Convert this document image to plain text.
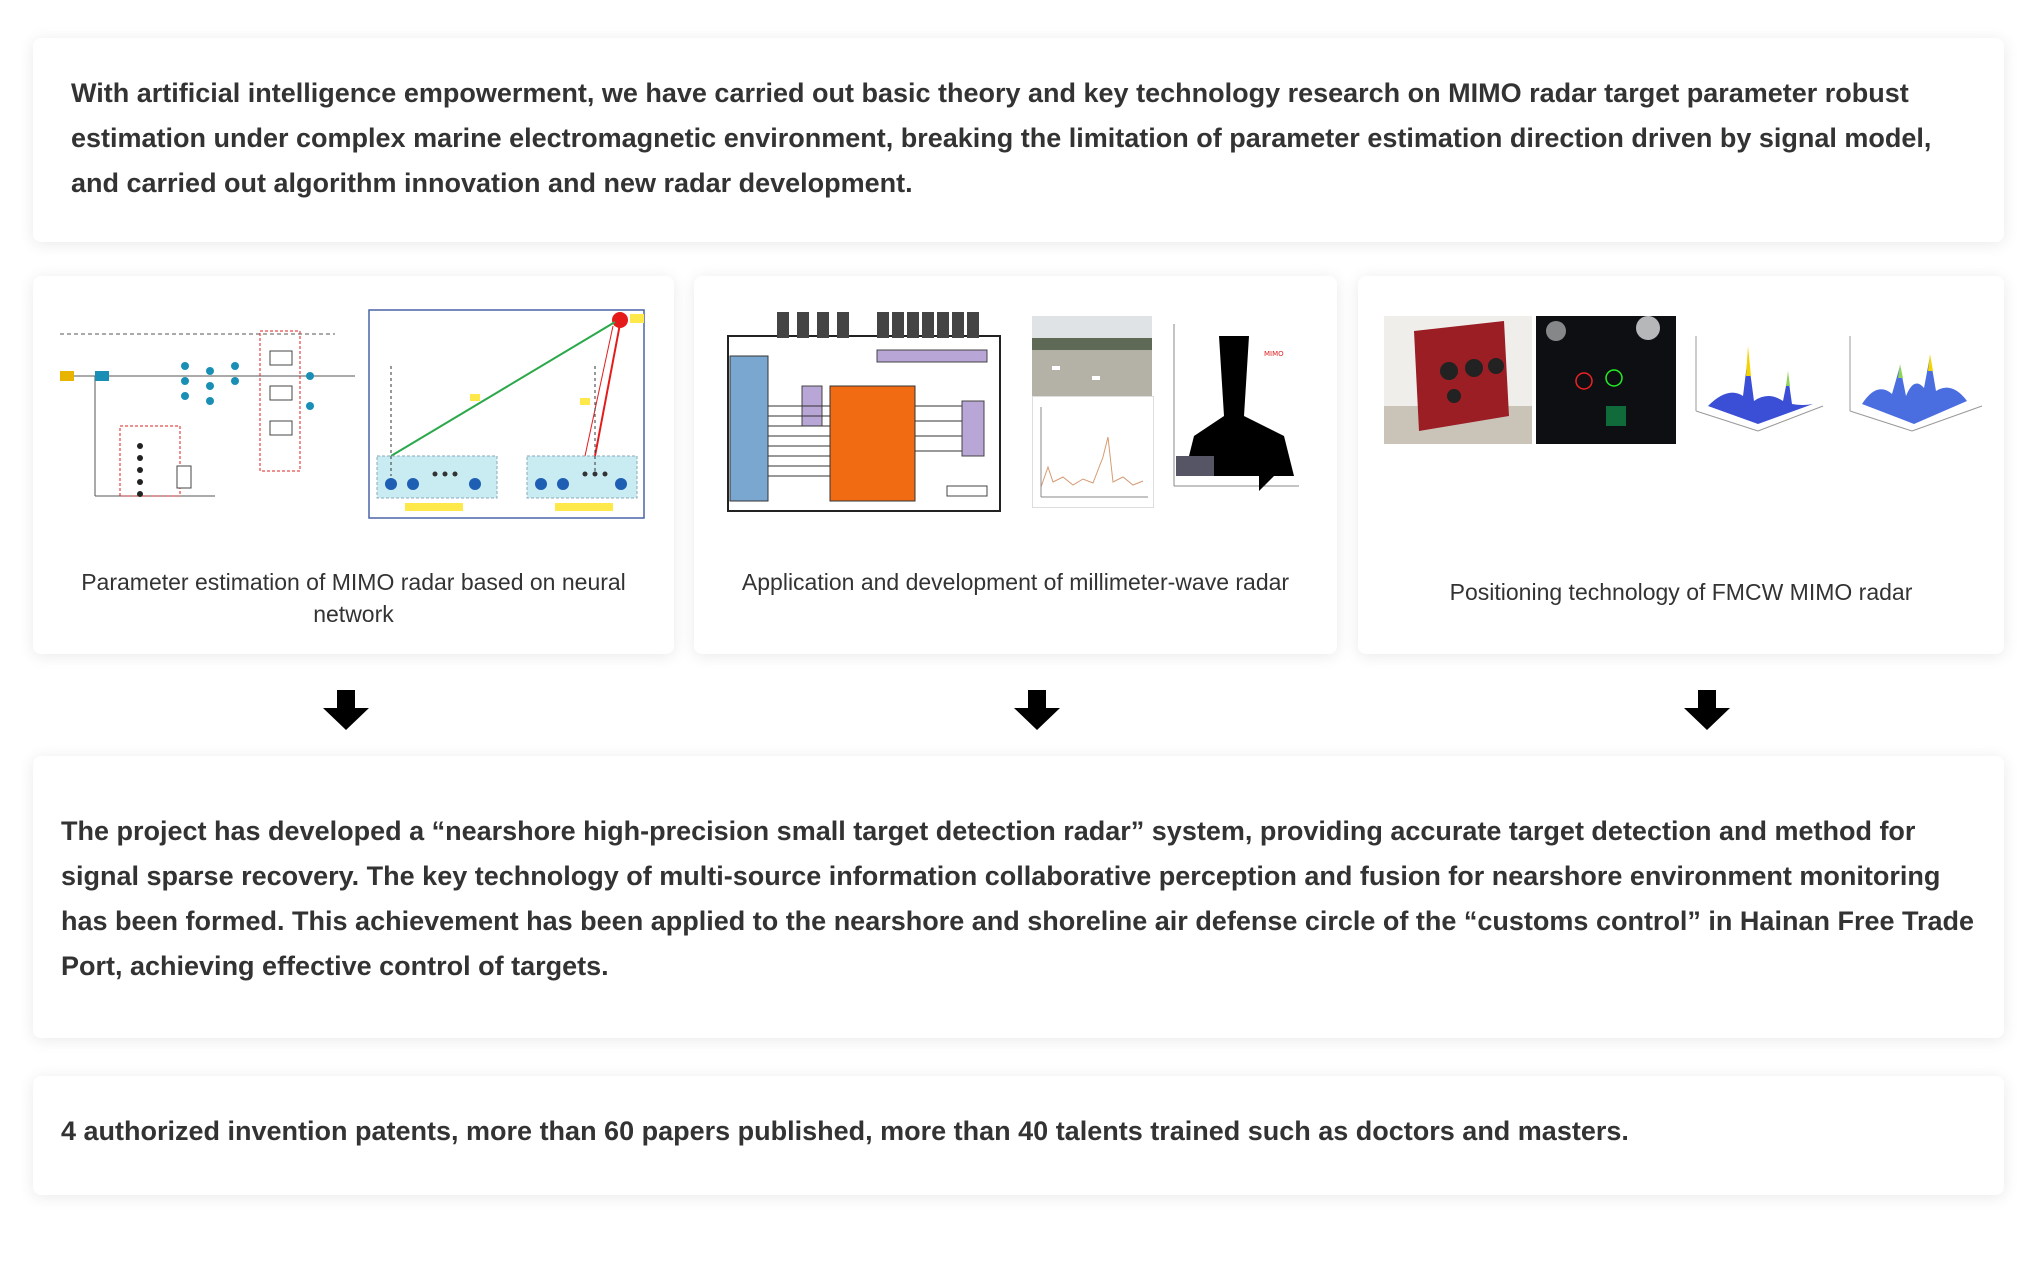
With artificial intelligence empowerment, we have carried out basic theory and key technology research on MIMO radar target parameter robust estimation under complex marine electromagnetic environment, breaking the limitation of parameter estimation direction driven by signal model, and carried out algorithm innovation and new radar development.

Parameter estimation of MIMO radar based on neural network

MIMO

Application and development of millimeter-wave radar	Positioning technology of FMCW MIMO radar

The project has developed a “nearshore high-precision small target detection radar” system, providing accurate target detection and method for signal sparse recovery. The key technology of multi-source information collaborative perception and fusion for nearshore environment monitoring has been formed. This achievement has been applied to the nearshore and shoreline air defense circle of the “customs control” in Hainan Free Trade Port, achieving effective control of targets.

4 authorized invention patents, more than 60 papers published, more than 40 talents trained such as doctors and masters.
